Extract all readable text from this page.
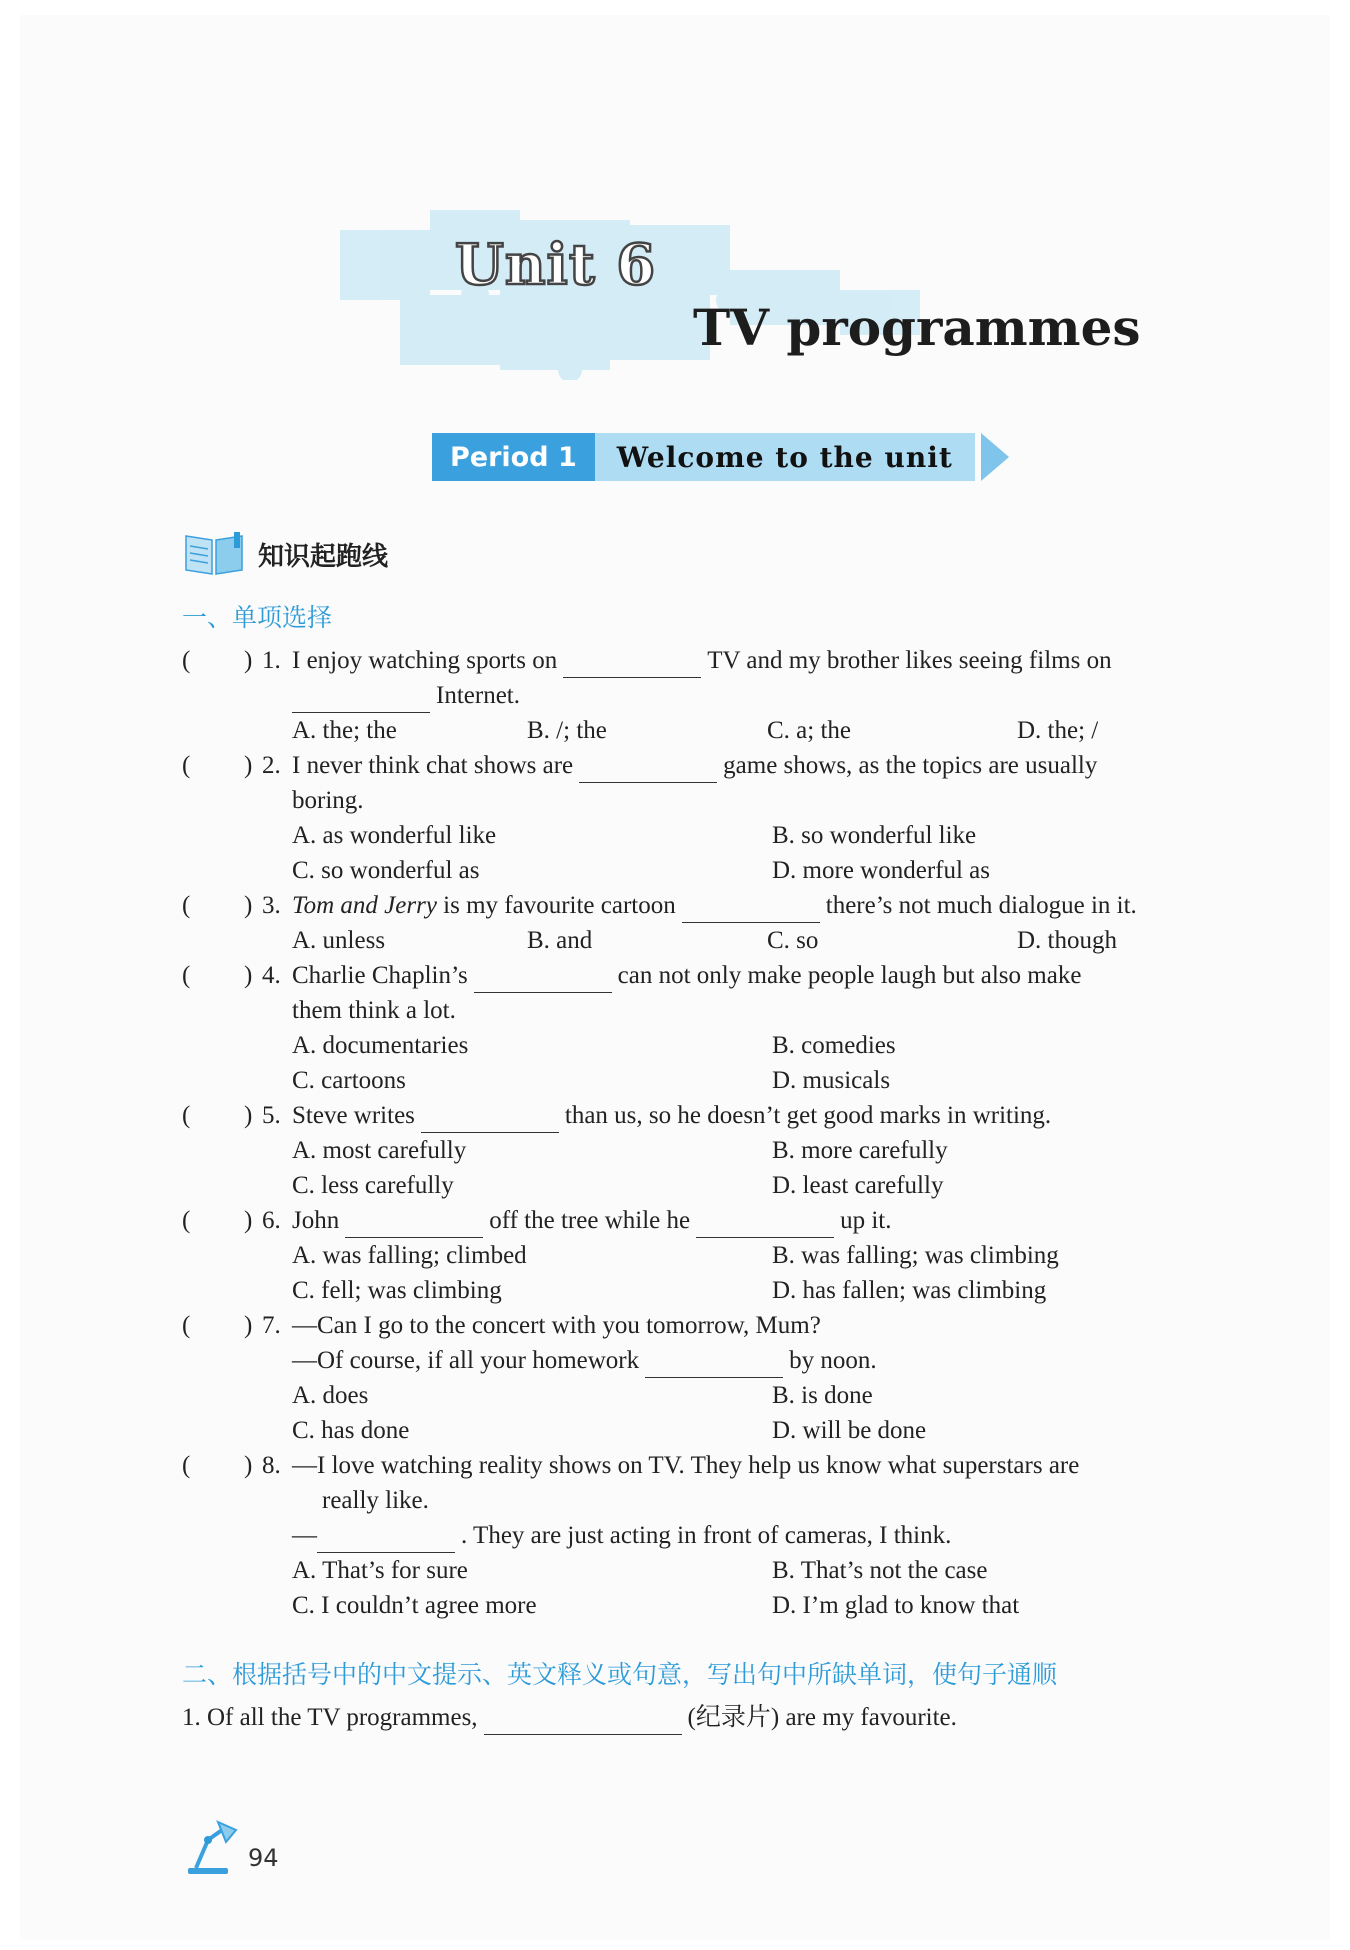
Unit 6
TV programmes
Period 1	Welcome to the unit
知识起跑线
一、单项选择
( ) 1. I enjoy watching sports on	TV and my brother likes seeing films on
Internet.
A. the; the	B. /; the	C. a; the	D. the; /
( ) 2. I never think chat shows are	game shows, as the topics are usually
boring.
A. as wonderful like	B. so wonderful like
C. so wonderful as	D. more wonderful as
( ) 3. Tom and Jerry is my favourite cartoon	there’s not much dialogue in it.
A. unless	B. and	C. so	D. though
( ) 4. Charlie Chaplin’s	can not only make people laugh but also make
them think a lot.
A. documentaries	B. comedies
C. cartoons	D. musicals
( ) 5. Steve writes	than us, so he doesn’t get good marks in writing.
A. most carefully	B. more carefully
C. less carefully	D. least carefully
( ) 6. John	off the tree while he	up it.
A. was falling; climbed	B. was falling; was climbing
C. fell; was climbing	D. has fallen; was climbing
( ) 7. —Can I go to the concert with you tomorrow, Mum?
—Of course, if all your homework	by noon.
A. does	B. is done
C. has done	D. will be done
( ) 8. —I love watching reality shows on TV. They help us know what superstars are
really like.
—	. They are just acting in front of cameras, I think.
A. That’s for sure	B. That’s not the case
C. I couldn’t agree more	D. I’m glad to know that
二、根据括号中的中文提示、英文释义或句意，写出句中所缺单词，使句子通顺
1. Of all the TV programmes,	(纪录片) are my favourite.
94
